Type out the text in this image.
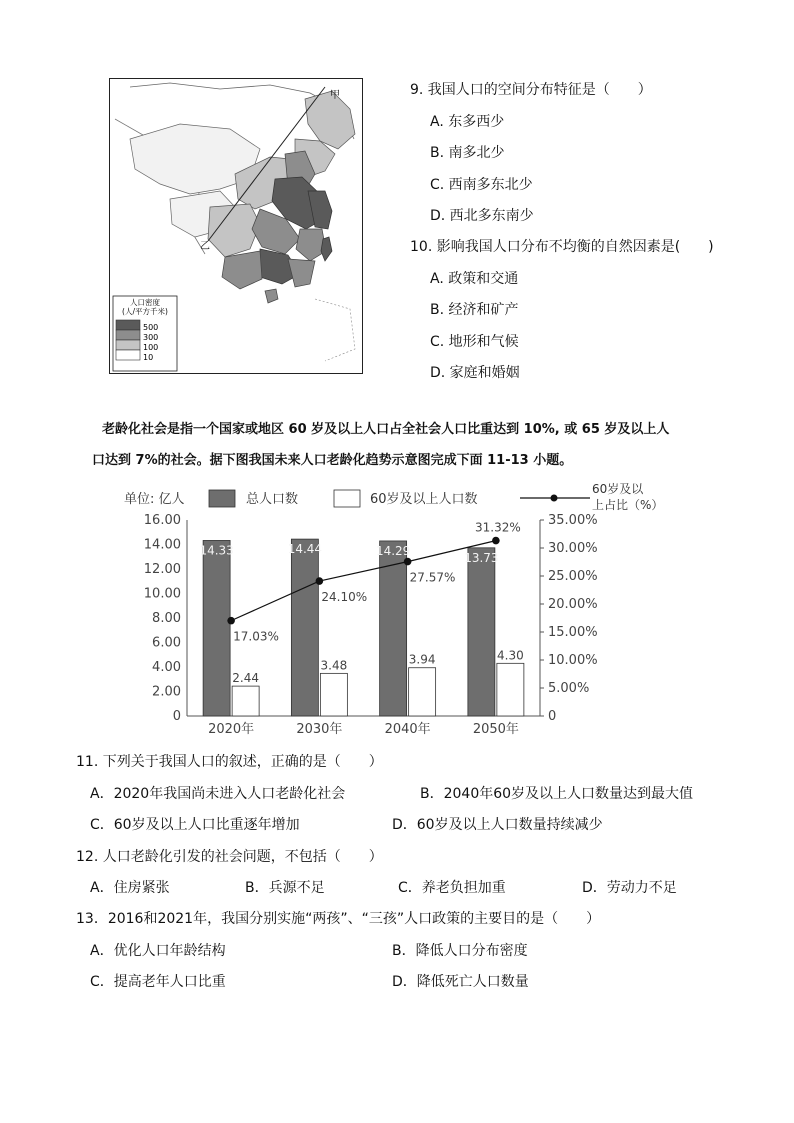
甲
乙
人口密度
(人/平方千米)
500
300
100
10
9. 我国人口的空间分布特征是（　　）
A. 东多西少
B. 南多北少
C. 西南多东北少
D. 西北多东南少
10. 影响我国人口分布不均衡的自然因素是(　　)
A. 政策和交通
B. 经济和矿产
C. 地形和气候
D. 家庭和婚姻
老龄化社会是指一个国家或地区 60 岁及以上人口占全社会人口比重达到 10%, 或 65 岁及以上人
口达到 7%的社会。据下图我国未来人口老龄化趋势示意图完成下面 11-13 小题。
单位: 亿人	总人口数	60岁及以上人口数
60岁及以
上占比（%）
0
2.00
4.00
6.00
8.00
10.00
12.00
14.00
16.00
0
5.00%
10.00%
15.00%
20.00%
25.00%
30.00%
35.00%
14.33
2.44
14.44
3.48
14.29
3.94
13.73
4.30
2020年	2030年	2040年	2050年
17.03%
24.10%
27.57%
31.32%
11. 下列关于我国人口的叙述，正确的是（　　）
A．2020年我国尚未进入人口老龄化社会	B．2040年60岁及以上人口数量达到最大值
C．60岁及以上人口比重逐年增加	D．60岁及以上人口数量持续减少
12. 人口老龄化引发的社会问题，不包括（　　）
A．住房紧张	B．兵源不足	C．养老负担加重	D．劳动力不足
13．2016和2021年，我国分别实施“两孩”、“三孩”人口政策的主要目的是（　　）
A．优化人口年龄结构	B．降低人口分布密度
C．提高老年人口比重	D．降低死亡人口数量
